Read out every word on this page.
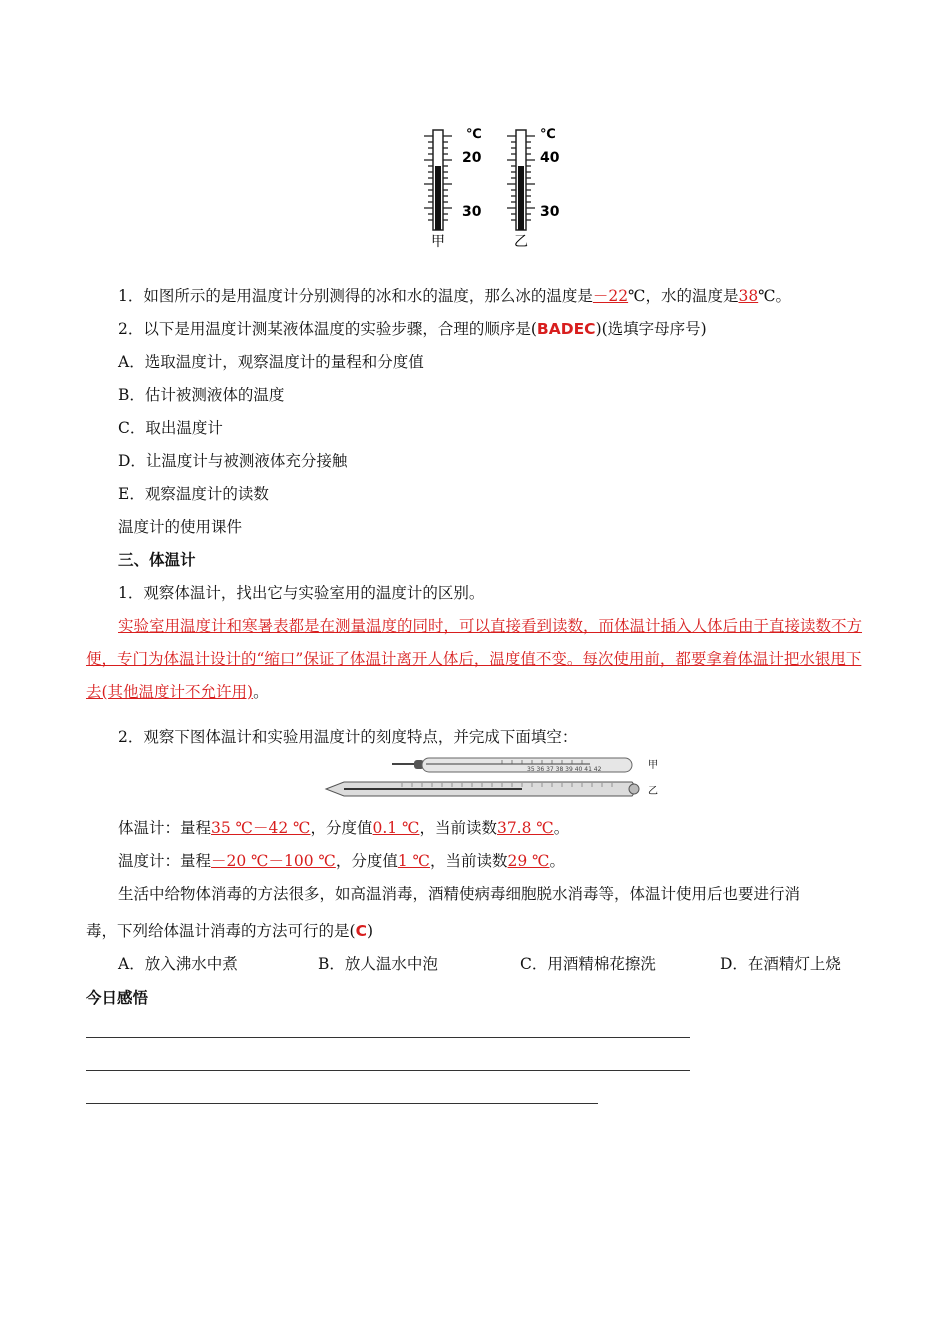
℃
20
30
甲
℃
40
30
乙
1．如图所示的是用温度计分别测得的冰和水的温度，那么冰的温度是－22℃，水的温度是38℃。
2．以下是用温度计测某液体温度的实验步骤，合理的顺序是(BADEC)(选填字母序号)
A．选取温度计，观察温度计的量程和分度值
B．估计被测液体的温度
C．取出温度计
D．让温度计与被测液体充分接触
E．观察温度计的读数
温度计的使用课件
三、体温计
1．观察体温计，找出它与实验室用的温度计的区别。
实验室用温度计和寒暑表都是在测量温度的同时，可以直接看到读数，而体温计插入人体后由于直接读数不方便，专门为体温计设计的“缩口”保证了体温计离开人体后，温度值不变。每次使用前，都要拿着体温计把水银甩下去(其他温度计不允许用)。
2．观察下图体温计和实验用温度计的刻度特点，并完成下面填空：
35 36 37 38 39 40 41 42	甲
乙
体温计：量程35 ℃－42 ℃，分度值0.1 ℃，当前读数37.8 ℃。
温度计：量程－20 ℃－100 ℃，分度值1 ℃，当前读数29 ℃。
生活中给物体消毒的方法很多，如高温消毒，酒精使病毒细胞脱水消毒等，体温计使用后也要进行消
毒，下列给体温计消毒的方法可行的是(C)
A．放入沸水中煮	B．放人温水中泡	C．用酒精棉花擦洗	D．在酒精灯上烧
今日感悟
